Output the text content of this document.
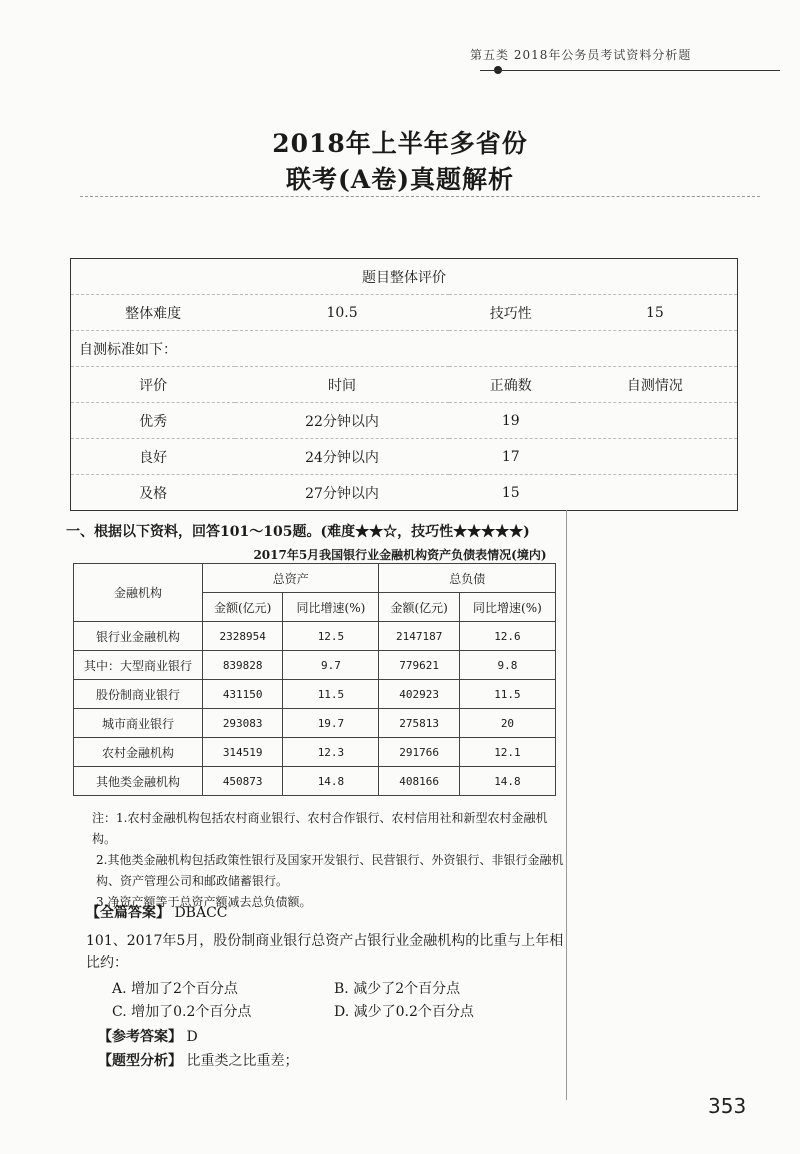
第五类 2018年公务员考试资料分析题
2018年上半年多省份
联考(A卷)真题解析
题目整体评价			
整体难度	10.5	技巧性	15
自测标准如下：			
评价	时间	正确数	自测情况
优秀	22分钟以内	19	
良好	24分钟以内	17	
及格	27分钟以内	15	
一、根据以下资料，回答101～105题。(难度★★☆，技巧性★★★★★)
2017年5月我国银行业金融机构资产负债表情况(境内)
金融机构	总资产		总负债	
	金额(亿元)	同比增速(%)	金额(亿元)	同比增速(%)
银行业金融机构	2328954	12.5	2147187	12.6
其中：大型商业银行	839828	9.7	779621	9.8
股份制商业银行	431150	11.5	402923	11.5
城市商业银行	293083	19.7	275813	20
农村金融机构	314519	12.3	291766	12.1
其他类金融机构	450873	14.8	408166	14.8

注：1.农村金融机构包括农村商业银行、农村合作银行、农村信用社和新型农村金融机构。

2.其他类金融机构包括政策性银行及国家开发银行、民营银行、外资银行、非银行金融机构、资产管理公司和邮政储蓄银行。

3.净资产额等于总资产额减去总负债额。

【全篇答案】 DBACC
101、2017年5月，股份制商业银行总资产占银行业金融机构的比重与上年相比约：
A. 增加了2个百分点	B. 减少了2个百分点
C. 增加了0.2个百分点	D. 减少了0.2个百分点
【参考答案】 D
【题型分析】 比重类之比重差；
353
